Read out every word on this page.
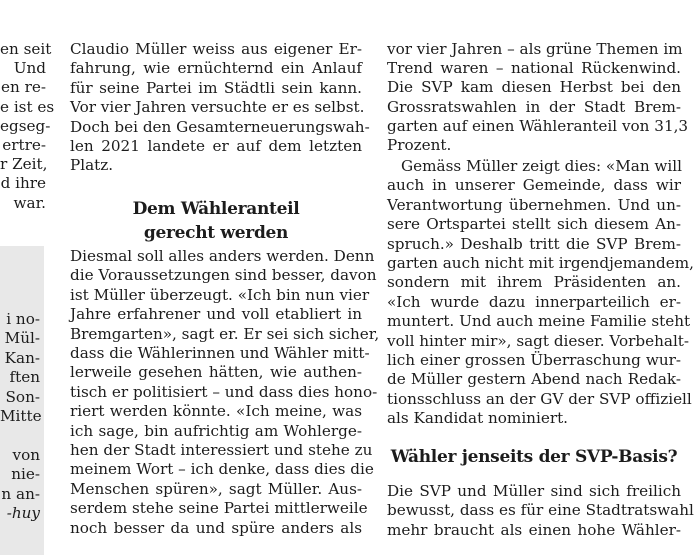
en seit
Und
en re-
e ist es
egseg-
ertre-
r Zeit,
d ihre
war.
i no-
Mül-
Kan-
ften
Son-
Mitte
von
nie-
n an-
-huy
Claudio Müller weiss aus eigener Er-
fahrung, wie ernüchternd ein Anlauf
für seine Partei im Städtli sein kann.
Vor vier Jahren versuchte er es selbst.
Doch bei den Gesamterneuerungswah-
len 2021 landete er auf dem letzten
Platz.
Dem Wähleranteil
gerecht werden
Diesmal soll alles anders werden. Denn
die Voraussetzungen sind besser, davon
ist Müller überzeugt. «Ich bin nun vier
Jahre erfahrener und voll etabliert in
Bremgarten», sagt er. Er sei sich sicher,
dass die Wählerinnen und Wähler mitt-
lerweile gesehen hätten, wie authen-
tisch er politisiert – und dass dies hono-
riert werden könnte. «Ich meine, was
ich sage, bin aufrichtig am Wohlerge-
hen der Stadt interessiert und stehe zu
meinem Wort – ich denke, dass dies die
Menschen spüren», sagt Müller. Aus-
serdem stehe seine Partei mittlerweile
noch besser da und spüre anders als
vor vier Jahren – als grüne Themen im
Trend waren – national Rückenwind.
Die SVP kam diesen Herbst bei den
Grossratswahlen in der Stadt Brem-
garten auf einen Wähleranteil von 31,3
Prozent.
Gemäss Müller zeigt dies: «Man will
auch in unserer Gemeinde, dass wir
Verantwortung übernehmen. Und un-
sere Ortspartei stellt sich diesem An-
spruch.» Deshalb tritt die SVP Brem-
garten auch nicht mit irgendjemandem,
sondern mit ihrem Präsidenten an.
«Ich wurde dazu innerparteilich er-
muntert. Und auch meine Familie steht
voll hinter mir», sagt dieser. Vorbehalt-
lich einer grossen Überraschung wur-
de Müller gestern Abend nach Redak-
tionsschluss an der GV der SVP offiziell
als Kandidat nominiert.
Wähler jenseits der SVP-Basis?
Die SVP und Müller sind sich freilich
bewusst, dass es für eine Stadtratswahl
mehr braucht als einen hohe Wähler-
